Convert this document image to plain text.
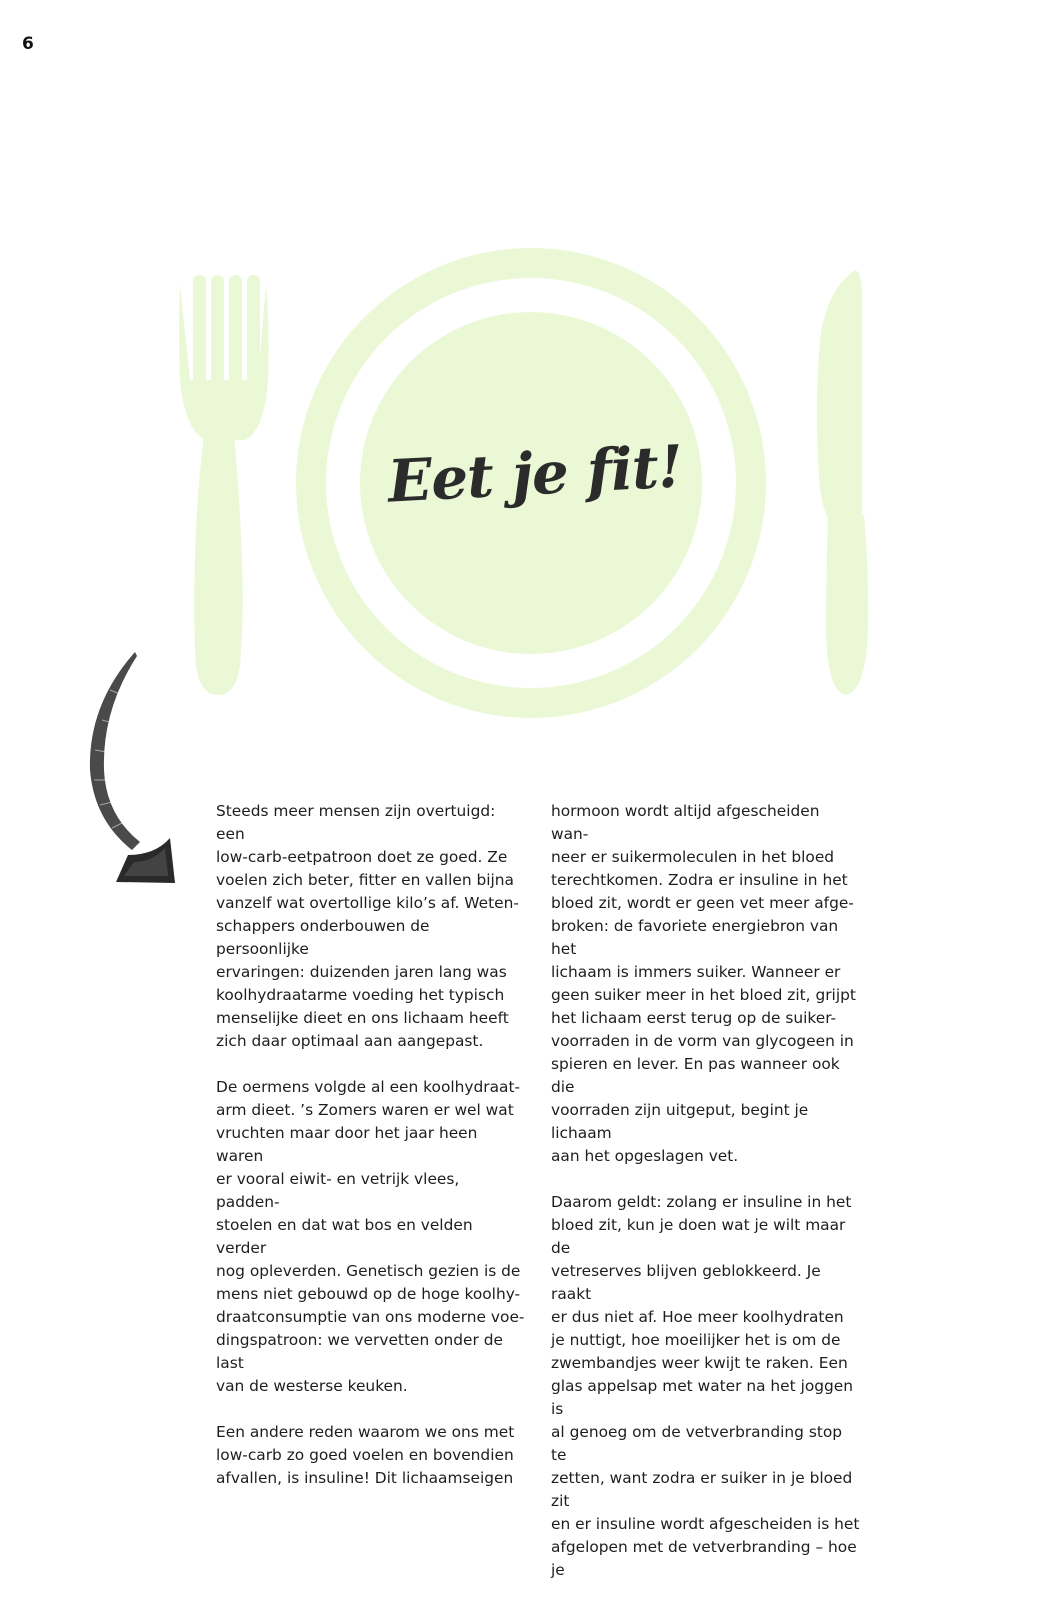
6
Eet je fit!

Steeds meer mensen zijn overtuigd: een
low-carb-eetpatroon doet ze goed. Ze
voelen zich beter, fitter en vallen bijna
vanzelf wat overtollige kilo’s af. Weten-
schappers onderbouwen de persoonlijke
ervaringen: duizenden jaren lang was
koolhydraatarme voeding het typisch
menselijke dieet en ons lichaam heeft
zich daar optimaal aan aangepast.

De oermens volgde al een koolhydraat-
arm dieet. ’s Zomers waren er wel wat
vruchten maar door het jaar heen waren
er vooral eiwit- en vetrijk vlees, padden-
stoelen en dat wat bos en velden verder
nog opleverden. Genetisch gezien is de
mens niet gebouwd op de hoge koolhy-
draatconsumptie van ons moderne voe-
dingspatroon: we vervetten onder de last
van de westerse keuken.

Een andere reden waarom we ons met
low-carb zo goed voelen en bovendien
afvallen, is insuline! Dit lichaamseigen

hormoon wordt altijd afgescheiden wan-
neer er suikermoleculen in het bloed
terechtkomen. Zodra er insuline in het
bloed zit, wordt er geen vet meer afge-
broken: de favoriete energiebron van het
lichaam is immers suiker. Wanneer er
geen suiker meer in het bloed zit, grijpt
het lichaam eerst terug op de suiker-
voorraden in de vorm van glycogeen in
spieren en lever. En pas wanneer ook die
voorraden zijn uitgeput, begint je lichaam
aan het opgeslagen vet.

Daarom geldt: zolang er insuline in het
bloed zit, kun je doen wat je wilt maar de
vetreserves blijven geblokkeerd. Je raakt
er dus niet af. Hoe meer koolhydraten
je nuttigt, hoe moeilijker het is om de
zwembandjes weer kwijt te raken. Een
glas appelsap met water na het joggen is
al genoeg om de vetverbranding stop te
zetten, want zodra er suiker in je bloed zit
en er insuline wordt afgescheiden is het
afgelopen met de vetverbranding – hoe je
